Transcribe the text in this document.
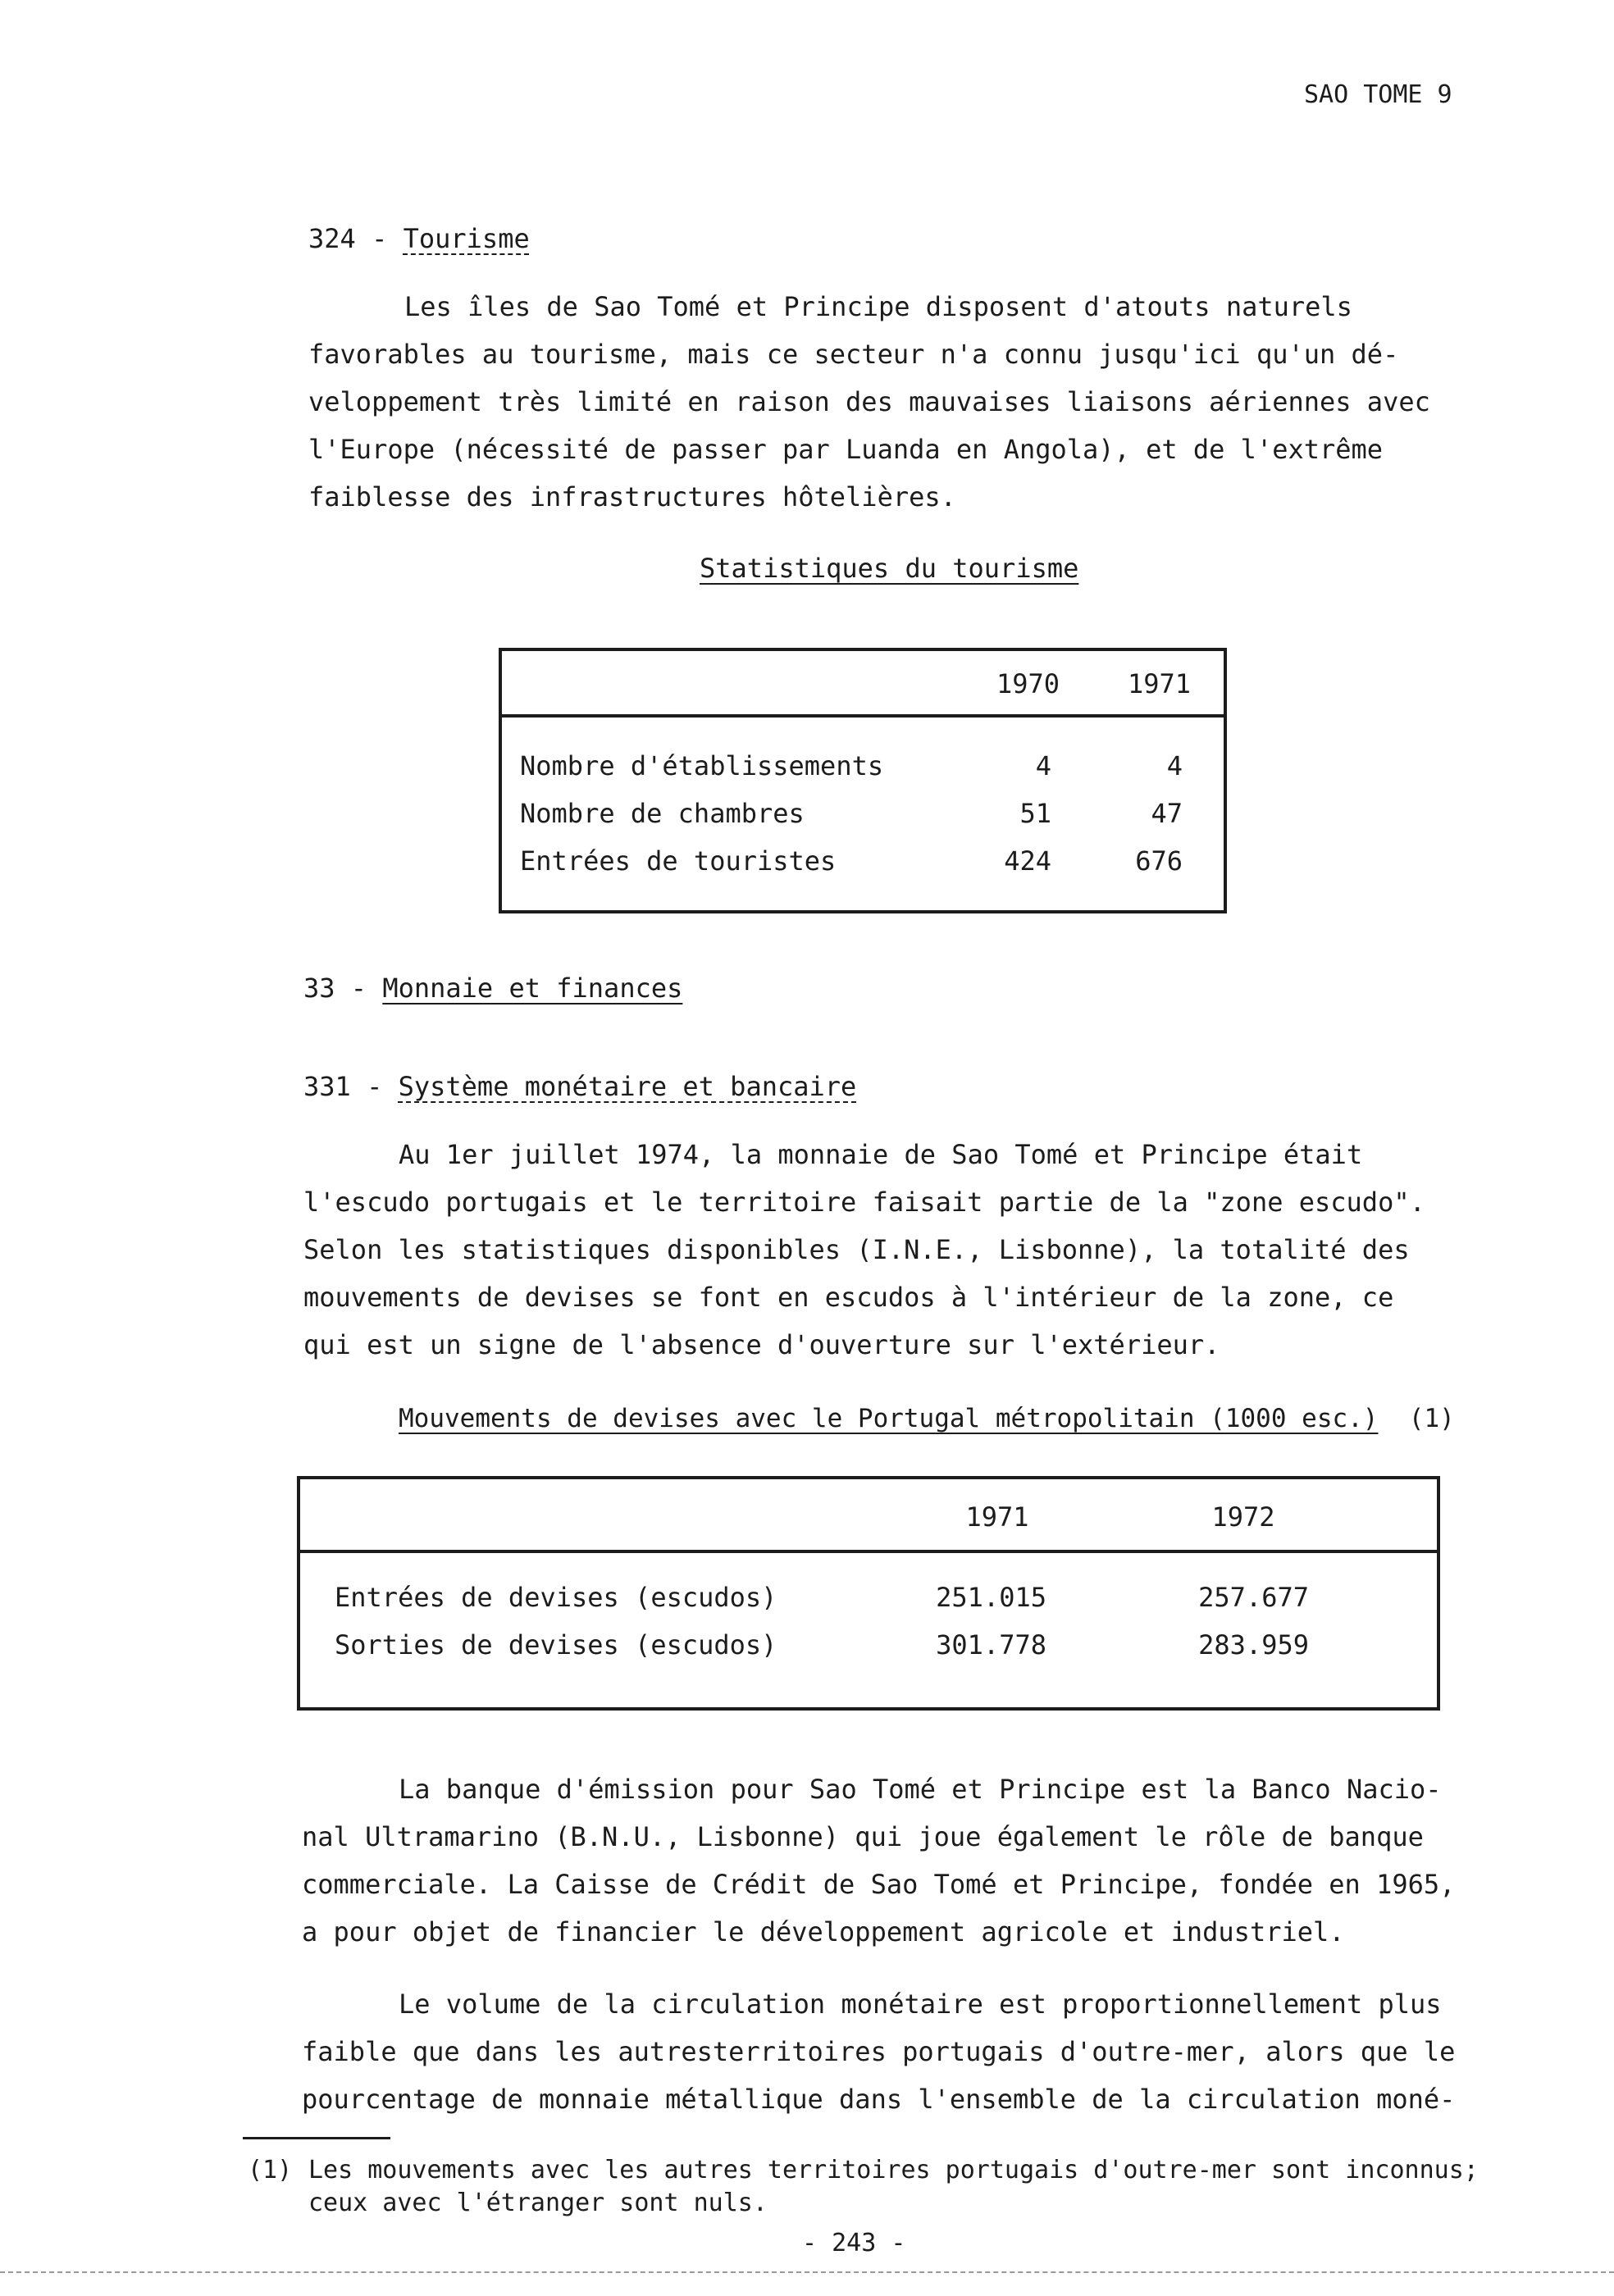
SAO TOME 9
324 - Tourisme
Les îles de Sao Tomé et Principe disposent d'atouts naturels
favorables au tourisme, mais ce secteur n'a connu jusqu'ici qu'un dé-
veloppement très limité en raison des mauvaises liaisons aériennes avec
l'Europe (nécessité de passer par Luanda en Angola), et de l'extrême
faiblesse des infrastructures hôtelières.
Statistiques du tourisme
1970	1971
Nombre d'établissements	4	4
Nombre de chambres	51	47
Entrées de touristes	424	676
33 - Monnaie et finances
331 - Système monétaire et bancaire
Au 1er juillet 1974, la monnaie de Sao Tomé et Principe était
l'escudo portugais et le territoire faisait partie de la "zone escudo".
Selon les statistiques disponibles (I.N.E., Lisbonne), la totalité des
mouvements de devises se font en escudos à l'intérieur de la zone, ce
qui est un signe de l'absence d'ouverture sur l'extérieur.
Mouvements de devises avec le Portugal métropolitain (1000 esc.) (1)
1971	1972
Entrées de devises (escudos)	251.015	257.677
Sorties de devises (escudos)	301.778	283.959
La banque d'émission pour Sao Tomé et Principe est la Banco Nacio-
nal Ultramarino (B.N.U., Lisbonne) qui joue également le rôle de banque
commerciale. La Caisse de Crédit de Sao Tomé et Principe, fondée en 1965,
a pour objet de financier le développement agricole et industriel.
Le volume de la circulation monétaire est proportionnellement plus
faible que dans les autresterritoires portugais d'outre-mer, alors que le
pourcentage de monnaie métallique dans l'ensemble de la circulation moné-
(1) Les mouvements avec les autres territoires portugais d'outre-mer sont inconnus;
ceux avec l'étranger sont nuls.
- 243 -
